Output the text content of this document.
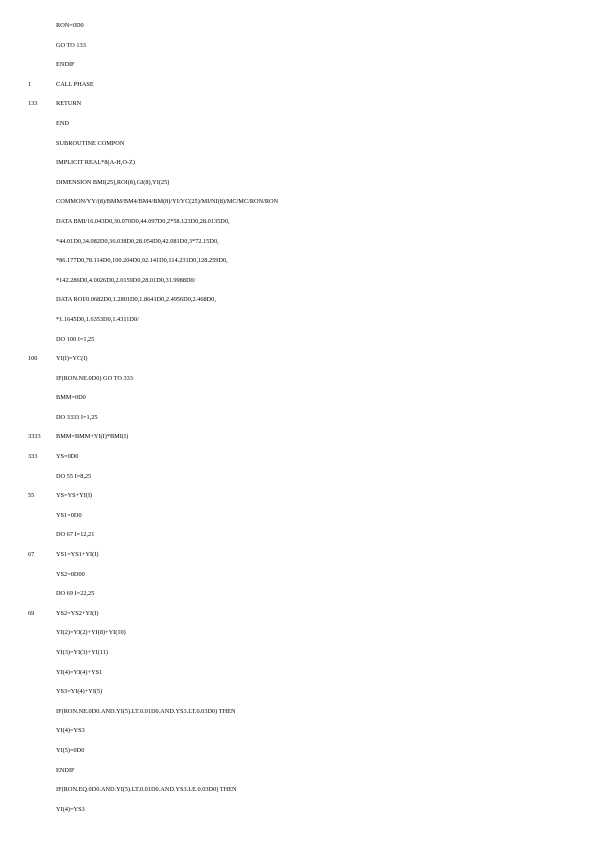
RON=0D0
GO TO 133
ENDIF
1	CALL PHASE
133	RETURN
END
SUBROUTINE COMPON
IMPLICIT REAL*8(A-H,O-Z)
DIMENSION BMI(25),ROI(8),GI(8),YI(25)
COMMON/YY/(8)/BMM/BM4/BM4/BM(8)/YI/YC(25)/MI/NI(8)/MC/MC/RON/RON
DATA BMI/16.043D0,30.070D0,44.097D0,2*58.123D0,28.0135D0,
*44.01D0,34.082D0,36.038D0,28.054D0,42.081D0,3*72.15D0,
*86.177D0,78.114D0,100.204D0,92.141D0,114.231D0,128.259D0,
*142.286D0,4.0026D0,2.0159D0,28.01D0,31.9988D0/
DATA ROI/0.0682D0,1.2801D0,1.8641D0,2.4956D0,2.468D0,
*1.1645D0,1.6353D0,1.4311D0/
DO 100 I=1,25
100	YI(I)=YC(I)
IF(RON.NE.0D0) GO TO 333
BMM=0D0
DO 3333 I=1,25
3333 BMM=BMM+YI(I)*BMI(I)
333	YS=0D0
DO 55 I=8,25
55	YS=YS+YI(I)
YS1=0D0
DO 67 I=12,21
67	YS1=YS1+YI(I)
YS2=0D00
DO 69 I=22,25
69	YS2=YS2+YI(I)
YI(2)=YI(2)+YI(8)+YI(10)
YI(3)=YI(3)+YI(11)
YI(4)=YI(4)+YS1
YS3=YI(4)+YI(5)
IF(RON.NE.0D0.AND.YI(5).LT.0.01D0.AND.YS3.LT.0.03D0) THEN
YI(4)=YS3
YI(5)=0D0
ENDIF
IF(RON.EQ.0D0.AND.YI(5).LT.0.01D0.AND.YS3.LE.0.03D0) THEN
YI(4)=YS3
